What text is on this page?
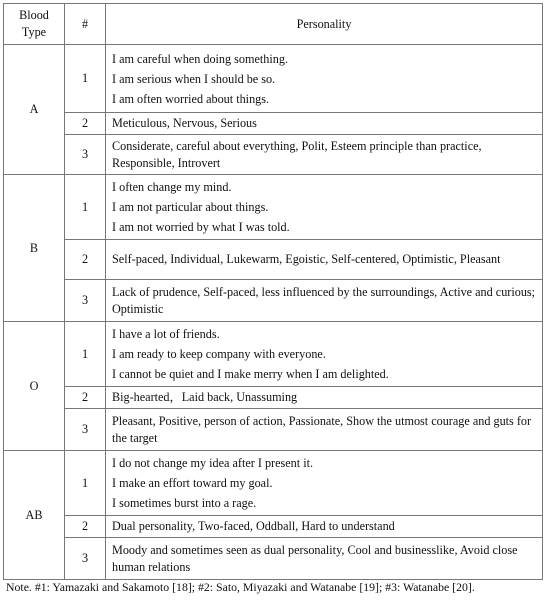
Blood Type	#	Personality
A	1	I am careful when doing something.
I am serious when I should be so.
I am often worried about things.

	2	Meticulous, Nervous, Serious
	3	Considerate, careful about everything, Polit, Esteem principle than practice, Responsible, Introvert
B	1	I often change my mind.
I am not particular about things.
I am not worried by what I was told.

	2	Self-paced, Individual, Lukewarm, Egoistic, Self-centered, Optimistic, Pleasant
	3	Lack of prudence, Self-paced, less influenced by the surroundings, Active and curious; Optimistic
O	1	I have a lot of friends.
I am ready to keep company with everyone.
I cannot be quiet and I make merry when I am delighted.

	2	Big-hearted，Laid back, Unassuming
	3	Pleasant, Positive, person of action, Passionate, Show the utmost courage and guts for the target
AB	1	I do not change my idea after I present it.
I make an effort toward my goal.
I sometimes burst into a rage.

	2	Dual personality, Two-faced, Oddball, Hard to understand
	3	Moody and sometimes seen as dual personality, Cool and businesslike, Avoid close human relations
Note. #1: Yamazaki and Sakamoto [18]; #2: Sato, Miyazaki and Watanabe [19]; #3: Watanabe [20].
